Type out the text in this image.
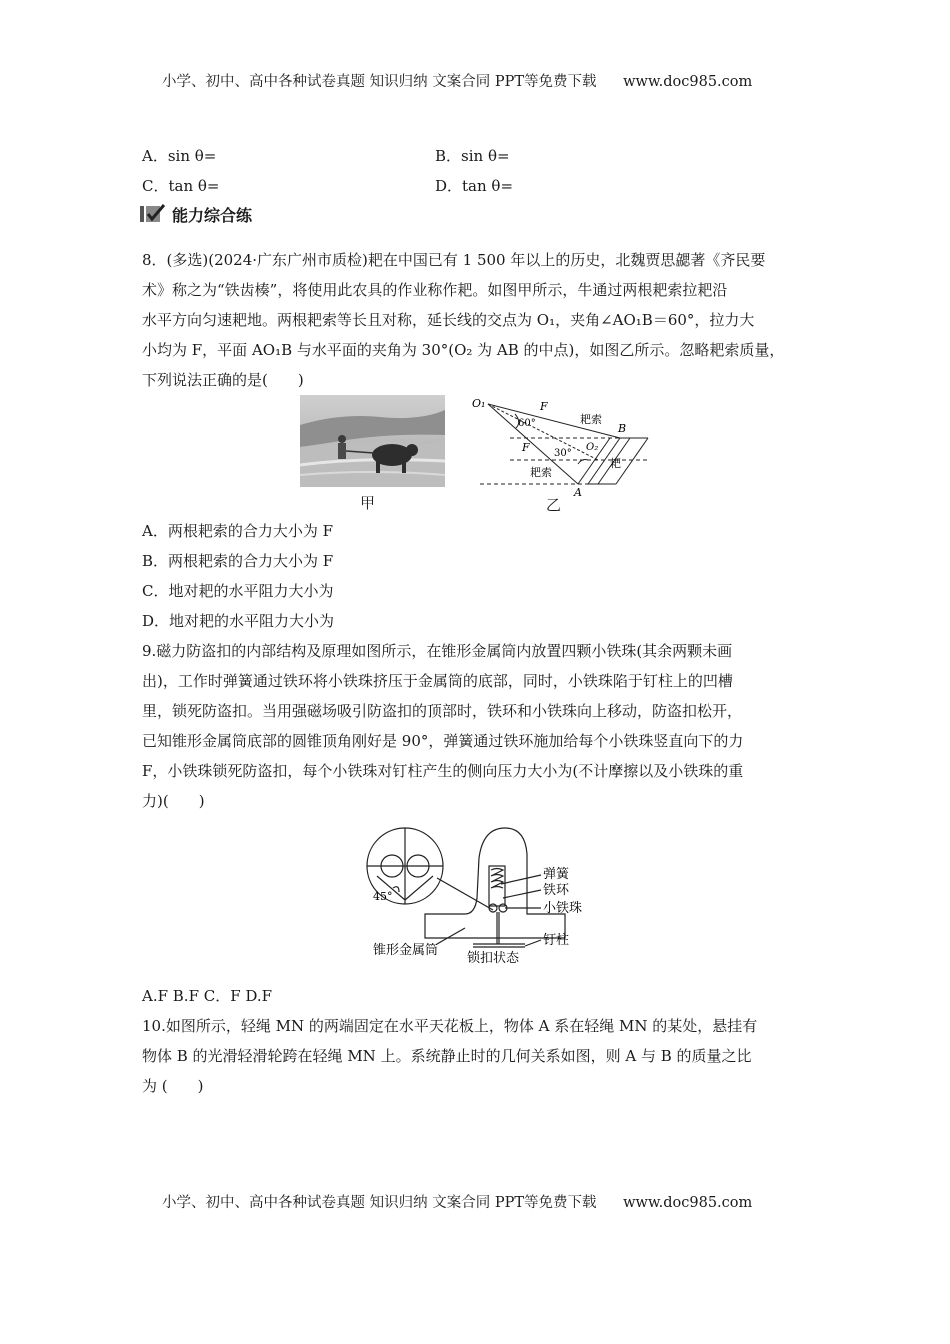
小学、初中、高中各种试卷真题 知识归纳 文案合同 PPT等免费下载 www.doc985.com
A．sin θ=	B．sin θ=
C．tan θ=	D．tan θ=
能力综合练
8．(多选)(2024·广东广州市质检)耙在中国已有 1 500 年以上的历史，北魏贾思勰著《齐民要
术》称之为“铁齿楱”，将使用此农具的作业称作耙。如图甲所示，牛通过两根耙索拉耙沿
水平方向匀速耙地。两根耙索等长且对称，延长线的交点为 O₁，夹角∠AO₁B＝60°，拉力大
小均为 F，平面 AO₁B 与水平面的夹角为 30°(O₂ 为 AB 的中点)，如图乙所示。忽略耙索质量，
下列说法正确的是(　　)
甲
O₁	F
60°	耙索
B
F	O₂
30°
耙
耙索
A
乙
A．两根耙索的合力大小为 F
B．两根耙索的合力大小为 F
C．地对耙的水平阻力大小为
D．地对耙的水平阻力大小为
9.磁力防盗扣的内部结构及原理如图所示，在锥形金属筒内放置四颗小铁珠(其余两颗未画
出)，工作时弹簧通过铁环将小铁珠挤压于金属筒的底部，同时，小铁珠陷于钉柱上的凹槽
里，锁死防盗扣。当用强磁场吸引防盗扣的顶部时，铁环和小铁珠向上移动，防盗扣松开，
已知锥形金属筒底部的圆锥顶角刚好是 90°，弹簧通过铁环施加给每个小铁珠竖直向下的力
F，小铁珠锁死防盗扣，每个小铁珠对钉柱产生的侧向压力大小为(不计摩擦以及小铁珠的重
力)(　　)
45°
弹簧
铁环
小铁珠
钉柱
锥形金属筒
锁扣状态
A.F B.F C．F D.F
10.如图所示，轻绳 MN 的两端固定在水平天花板上，物体 A 系在轻绳 MN 的某处，悬挂有
物体 B 的光滑轻滑轮跨在轻绳 MN 上。系统静止时的几何关系如图，则 A 与 B 的质量之比
为 (　　)
小学、初中、高中各种试卷真题 知识归纳 文案合同 PPT等免费下载 www.doc985.com
